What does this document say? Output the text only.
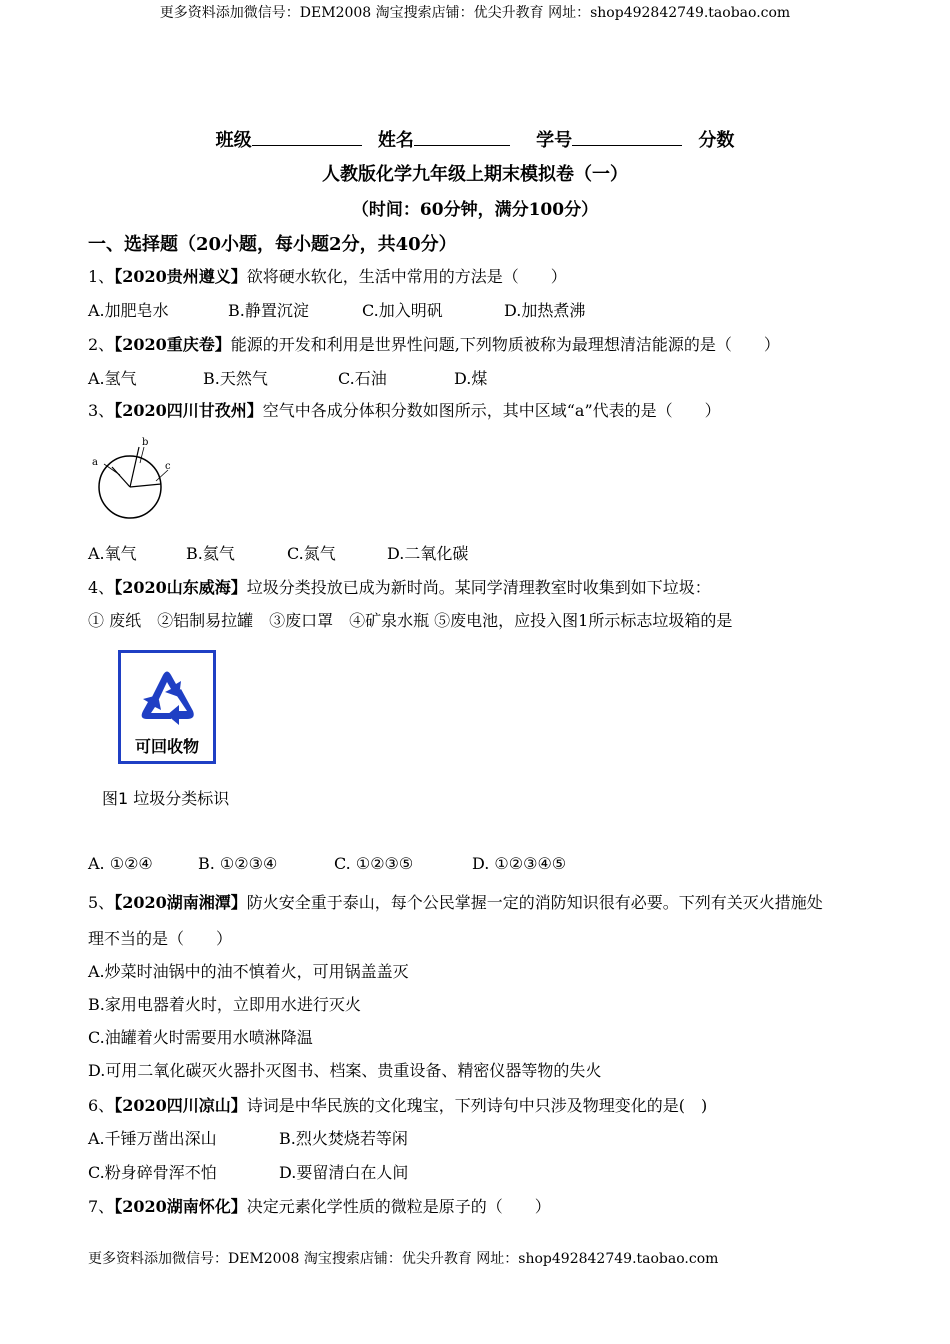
更多资料添加微信号：DEM2008 淘宝搜索店铺：优尖升教育 网址：shop492842749.taobao.com
班级	姓名	学号	分数
人教版化学九年级上期末模拟卷（一）
（时间：60分钟，满分100分）
一、选择题（20小题，每小题2分，共40分）
1、【2020贵州遵义】欲将硬水软化，生活中常用的方法是（　　）
A.加肥皂水	B.静置沉淀	C.加入明矾	D.加热煮沸
2、【2020重庆卷】能源的开发和利用是世界性问题,下列物质被称为最理想清洁能源的是（　　）
A.氢气	B.天然气	C.石油	D.煤
3、【2020四川甘孜州】空气中各成分体积分数如图所示，其中区域“a”代表的是（　　）
a
b
c
A.氧气	B.氦气	C.氮气	D.二氧化碳
4、【2020山东威海】垃圾分类投放已成为新时尚。某同学清理教室时收集到如下垃圾：
① 废纸　②铝制易拉罐　③废口罩　④矿泉水瓶 ⑤废电池，应投入图1所示标志垃圾箱的是
可回收物
图1 垃圾分类标识
A. ①②④	B. ①②③④	C. ①②③⑤	D. ①②③④⑤
5、【2020湖南湘潭】防火安全重于泰山，每个公民掌握一定的消防知识很有必要。下列有关灭火措施处
理不当的是（　　）
A.炒菜时油锅中的油不慎着火，可用锅盖盖灭
B.家用电器着火时，立即用水进行灭火
C.油罐着火时需要用水喷淋降温
D.可用二氧化碳灭火器扑灭图书、档案、贵重设备、精密仪器等物的失火
6、【2020四川凉山】诗词是中华民族的文化瑰宝，下列诗句中只涉及物理变化的是(　)
A.千锤万凿出深山	B.烈火焚烧若等闲
C.粉身碎骨浑不怕	D.要留清白在人间
7、【2020湖南怀化】决定元素化学性质的微粒是原子的（　　）
更多资料添加微信号：DEM2008 淘宝搜索店铺：优尖升教育 网址：shop492842749.taobao.com
